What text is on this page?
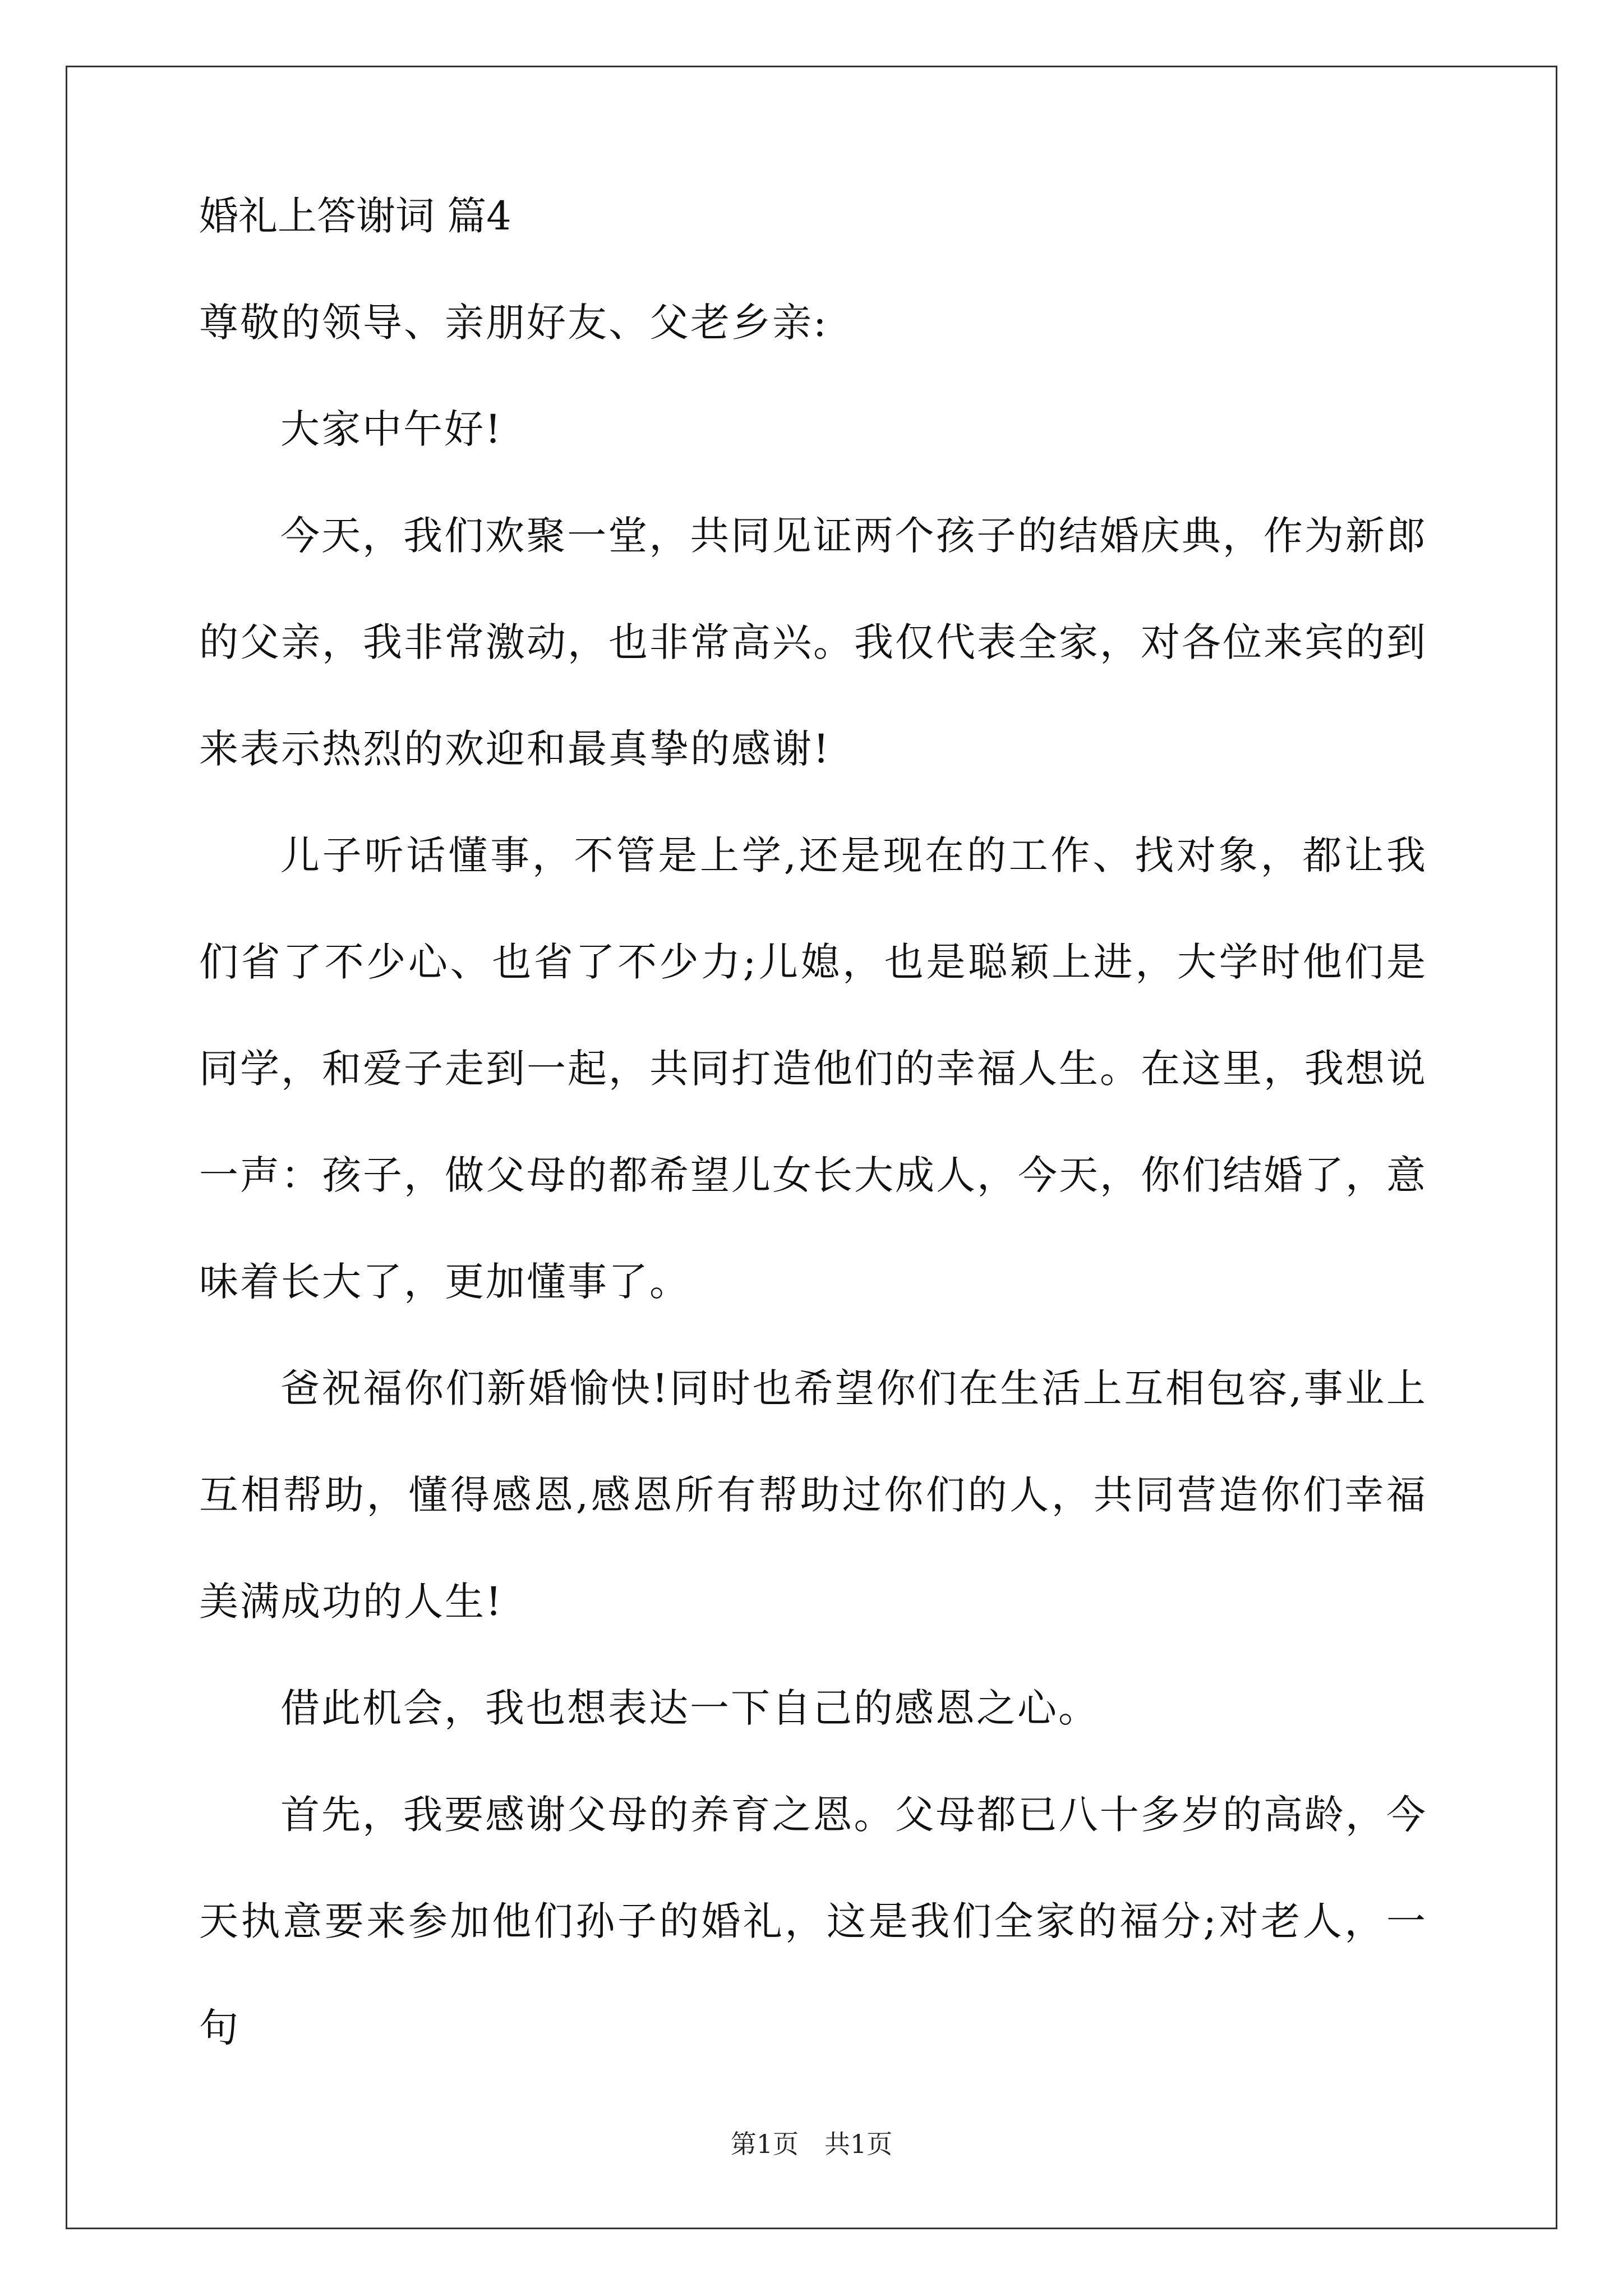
婚礼上答谢词 篇4

尊敬的领导、亲朋好友、父老乡亲:

大家中午好!

今天，我们欢聚一堂，共同见证两个孩子的结婚庆典，作为新郎的父亲，我非常激动，也非常高兴。我仅代表全家，对各位来宾的到来表示热烈的欢迎和最真挚的感谢!

儿子听话懂事，不管是上学,还是现在的工作、找对象，都让我们省了不少心、也省了不少力;儿媳，也是聪颖上进，大学时他们是同学，和爱子走到一起，共同打造他们的幸福人生。在这里，我想说一声：孩子，做父母的都希望儿女长大成人，今天，你们结婚了，意味着长大了，更加懂事了。

爸祝福你们新婚愉快!同时也希望你们在生活上互相包容,事业上互相帮助，懂得感恩,感恩所有帮助过你们的人，共同营造你们幸福美满成功的人生!

借此机会，我也想表达一下自己的感恩之心。

首先，我要感谢父母的养育之恩。父母都已八十多岁的高龄，今天执意要来参加他们孙子的婚礼，这是我们全家的福分;对老人，一句

第1页　共1页
